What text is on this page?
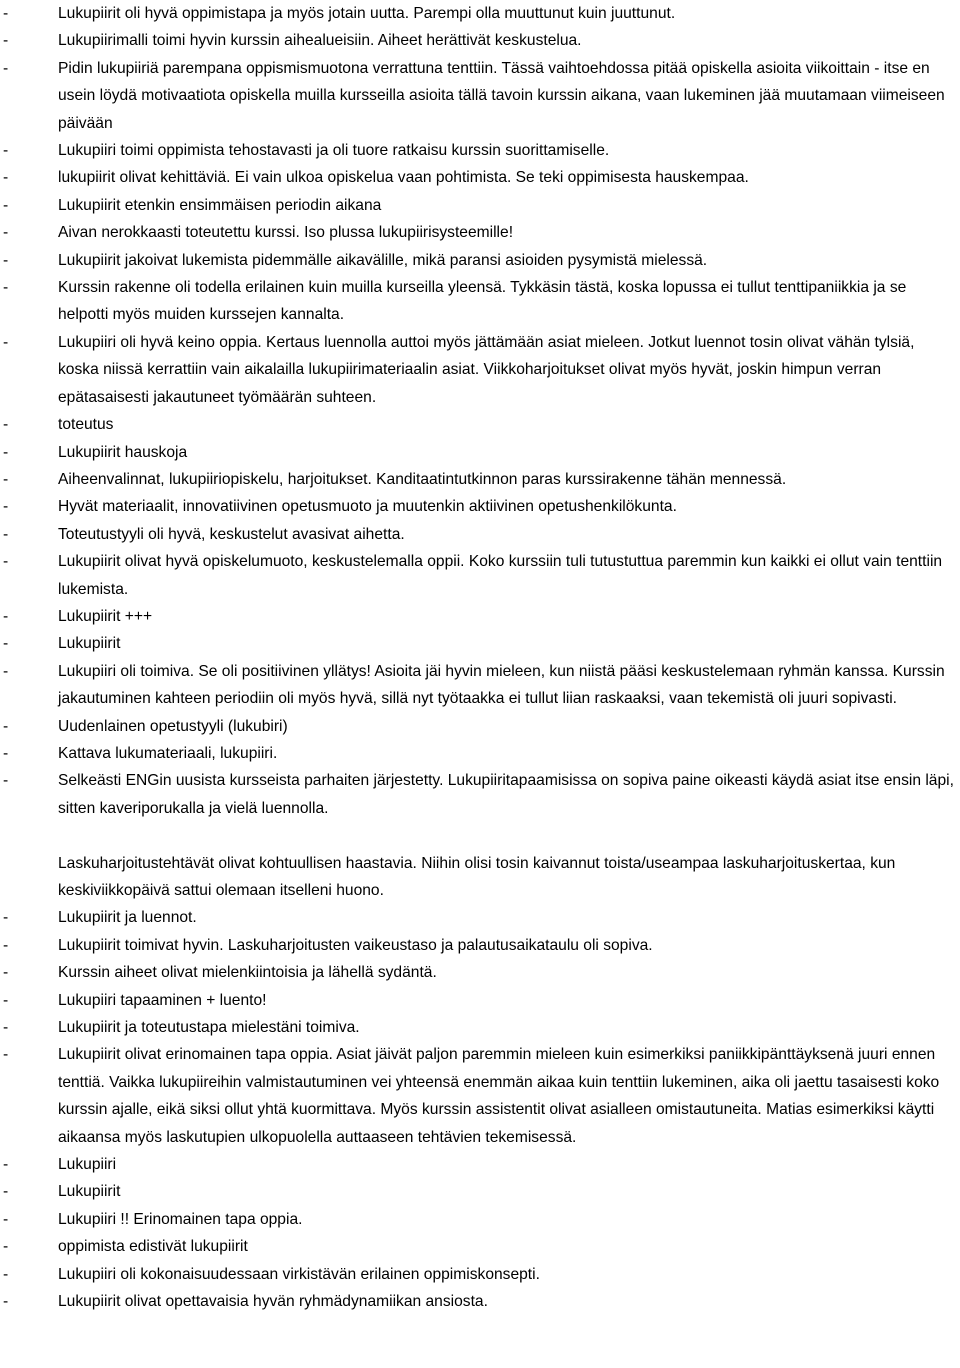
-	Lukupiirit oli hyvä oppimistapa ja myös jotain uutta. Parempi olla muuttunut kuin juuttunut.
-	Lukupiirimalli toimi hyvin kurssin aihealueisiin. Aiheet herättivät keskustelua.
-	Pidin lukupiiriä parempana oppismismuotona verrattuna tenttiin. Tässä vaihtoehdossa pitää opiskella asioita viikoittain - itse en usein löydä motivaatiota opiskella muilla kursseilla asioita tällä tavoin kurssin aikana, vaan lukeminen jää muutamaan viimeiseen päivään
-	Lukupiiri toimi oppimista tehostavasti ja oli tuore ratkaisu kurssin suorittamiselle.
-	lukupiirit olivat kehittäviä. Ei vain ulkoa opiskelua vaan pohtimista. Se teki oppimisesta hauskempaa.
-	Lukupiirit etenkin ensimmäisen periodin aikana
-	Aivan nerokkaasti toteutettu kurssi. Iso plussa lukupiirisysteemille!
-	Lukupiirit jakoivat lukemista pidemmälle aikavälille, mikä paransi asioiden pysymistä mielessä.
-	Kurssin rakenne oli todella erilainen kuin muilla kurseilla yleensä. Tykkäsin tästä, koska lopussa ei tullut tenttipaniikkia ja se helpotti myös muiden kurssejen kannalta.
-	Lukupiiri oli hyvä keino oppia. Kertaus luennolla auttoi myös jättämään asiat mieleen. Jotkut luennot tosin olivat vähän tylsiä, koska niissä kerrattiin vain aikalailla lukupiirimateriaalin asiat. Viikkoharjoitukset olivat myös hyvät, joskin himpun verran epätasaisesti jakautuneet työmäärän suhteen.
-	toteutus
-	Lukupiirit hauskoja
-	Aiheenvalinnat, lukupiiriopiskelu, harjoitukset. Kanditaatintutkinnon paras kurssirakenne tähän mennessä.
-	Hyvät materiaalit, innovatiivinen opetusmuoto ja muutenkin aktiivinen opetushenkilökunta.
-	Toteutustyyli oli hyvä, keskustelut avasivat aihetta.
-	Lukupiirit olivat hyvä opiskelumuoto, keskustelemalla oppii. Koko kurssiin tuli tutustuttua paremmin kun kaikki ei ollut vain tenttiin lukemista.
-	Lukupiirit +++
-	Lukupiirit
-	Lukupiiri oli toimiva. Se oli positiivinen yllätys! Asioita jäi hyvin mieleen, kun niistä pääsi keskustelemaan ryhmän kanssa. Kurssin jakautuminen kahteen periodiin oli myös hyvä, sillä nyt työtaakka ei tullut liian raskaaksi, vaan tekemistä oli juuri sopivasti.
-	Uudenlainen opetustyyli (lukubiri)
-	Kattava lukumateriaali, lukupiiri.
-	Selkeästi ENGin uusista kursseista parhaiten järjestetty. Lukupiiritapaamisissa on sopiva paine oikeasti käydä asiat itse ensin läpi, sitten kaveriporukalla ja vielä luennolla.
Laskuharjoitustehtävät olivat kohtuullisen haastavia. Niihin olisi tosin kaivannut toista/useampaa laskuharjoituskertaa, kun keskiviikkopäivä sattui olemaan itselleni huono.
-	Lukupiirit ja luennot.
-	Lukupiirit toimivat hyvin. Laskuharjoitusten vaikeustaso ja palautusaikataulu oli sopiva.
-	Kurssin aiheet olivat mielenkiintoisia ja lähellä sydäntä.
-	Lukupiiri tapaaminen + luento!
-	Lukupiirit ja toteutustapa mielestäni toimiva.
-	Lukupiirit olivat erinomainen tapa oppia. Asiat jäivät paljon paremmin mieleen kuin esimerkiksi paniikkipänttäyksenä juuri ennen tenttiä. Vaikka lukupiireihin valmistautuminen vei yhteensä enemmän aikaa kuin tenttiin lukeminen, aika oli jaettu tasaisesti koko kurssin ajalle, eikä siksi ollut yhtä kuormittava. Myös kurssin assistentit olivat asialleen omistautuneita. Matias esimerkiksi käytti aikaansa myös laskutupien ulkopuolella auttaaseen tehtävien tekemisessä.
-	Lukupiiri
-	Lukupiirit
-	Lukupiiri !! Erinomainen tapa oppia.
-	oppimista edistivät lukupiirit
-	Lukupiiri oli kokonaisuudessaan virkistävän erilainen oppimiskonsepti.
-	Lukupiirit olivat opettavaisia hyvän ryhmädynamiikan ansiosta.
